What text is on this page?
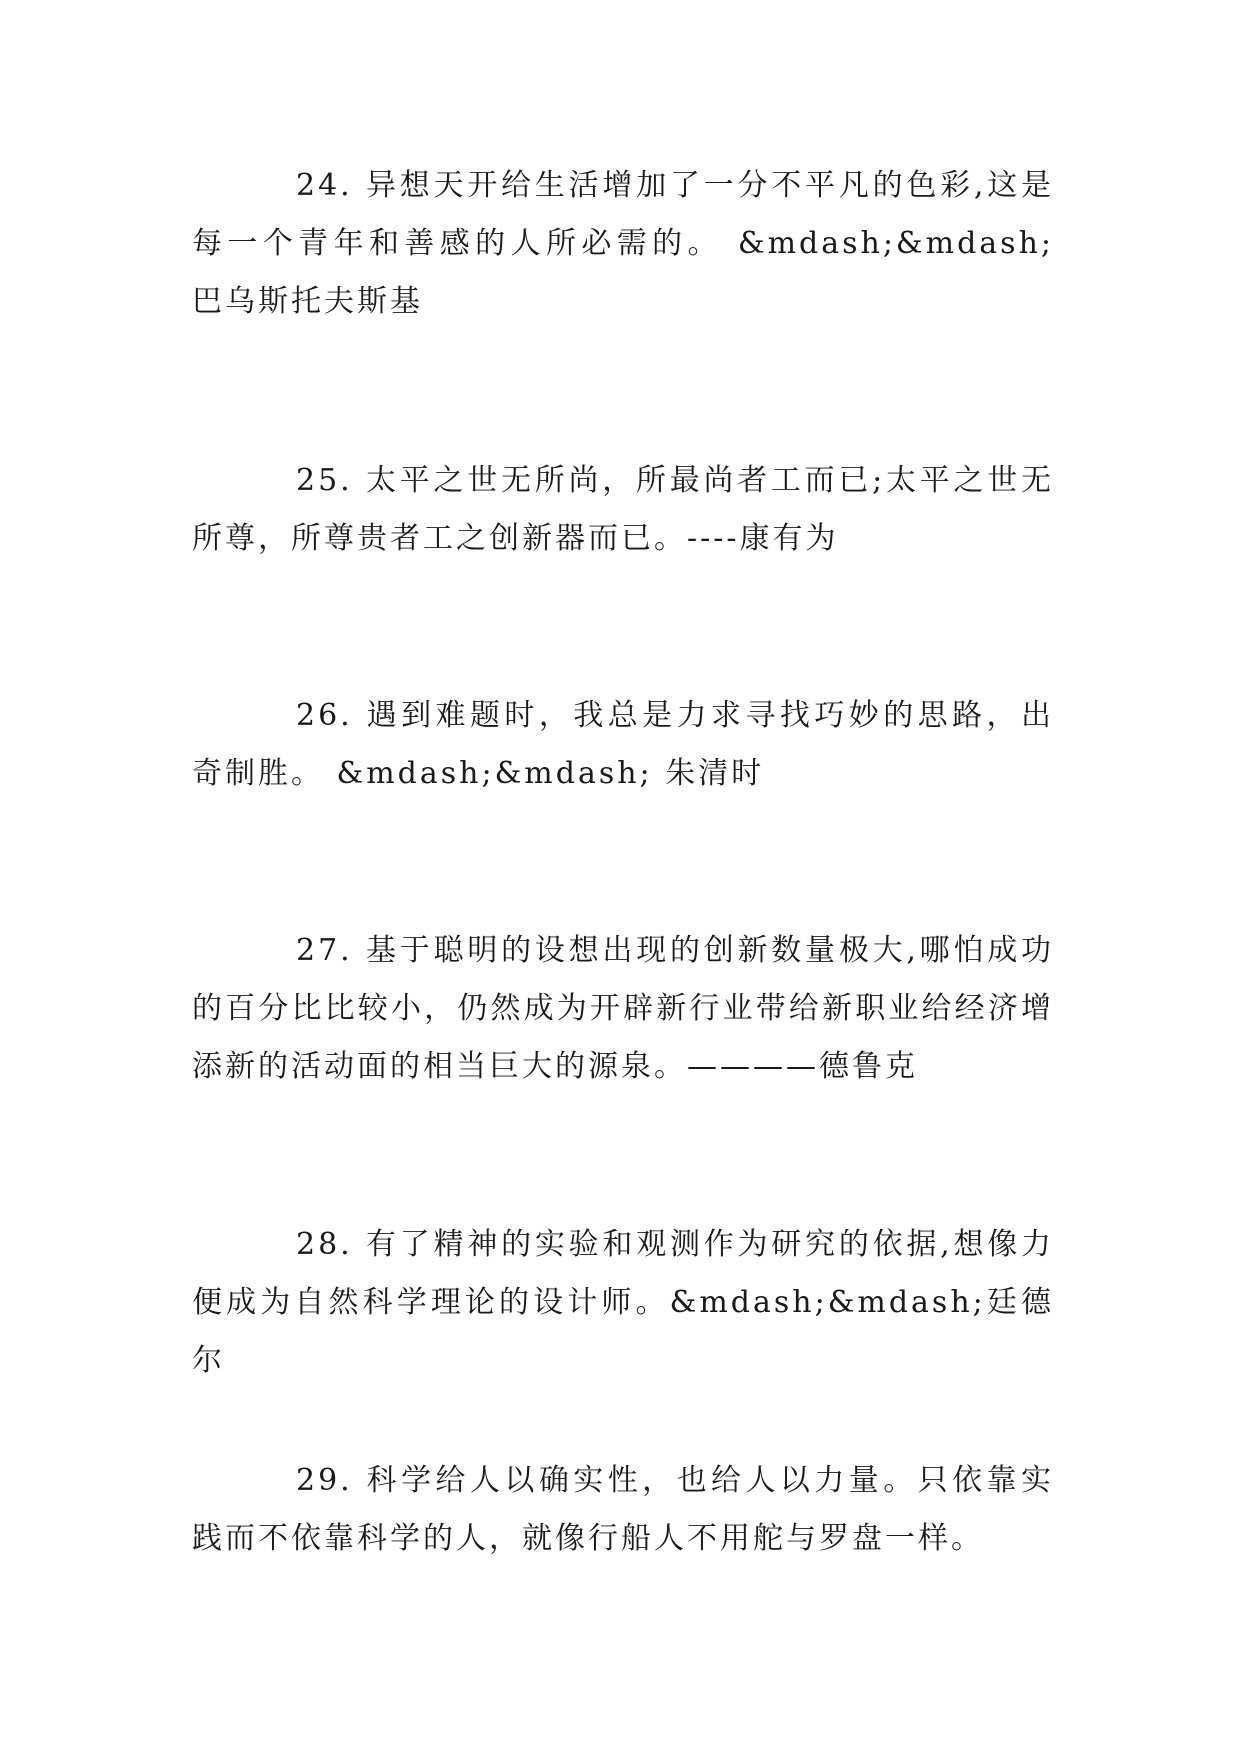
24. 异想天开给生活增加了一分不平凡的色彩,这是每一个青年和善感的人所必需的。 &mdash;&mdash; 巴乌斯托夫斯基

25. 太平之世无所尚，所最尚者工而已;太平之世无所尊，所尊贵者工之创新器而已。----康有为

26. 遇到难题时，我总是力求寻找巧妙的思路，出奇制胜。 &mdash;&mdash; 朱清时

27. 基于聪明的设想出现的创新数量极大,哪怕成功的百分比比较小，仍然成为开辟新行业带给新职业给经济增添新的活动面的相当巨大的源泉。————德鲁克

28. 有了精神的实验和观测作为研究的依据,想像力便成为自然科学理论的设计师。&mdash;&mdash;廷德尔

29. 科学给人以确实性，也给人以力量。只依靠实践而不依靠科学的人，就像行船人不用舵与罗盘一样。
